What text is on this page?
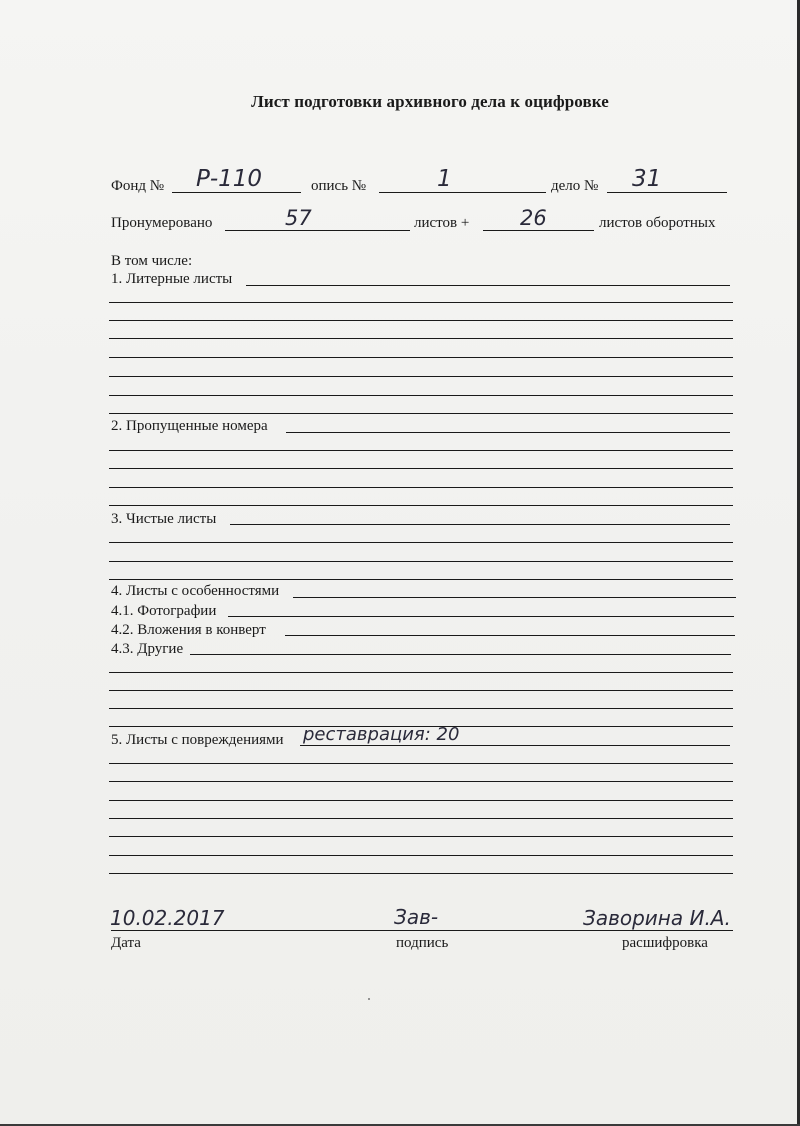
Лист подготовки архивного дела к оцифровке
Фонд № Р-110	опись №	1	дело № 31
Пронумеровано	57	листов + 26	листов оборотных
В том числе:
1. Литерные листы
2. Пропущенные номера
3. Чистые листы
4. Листы с особенностями
4.1. Фотографии
4.2. Вложения в конверт
4.3. Другие
5. Листы с повреждениями реставрация: 20
10.02.2017
Дата
Зав-
подпись
Заворина И.А.
расшифровка
